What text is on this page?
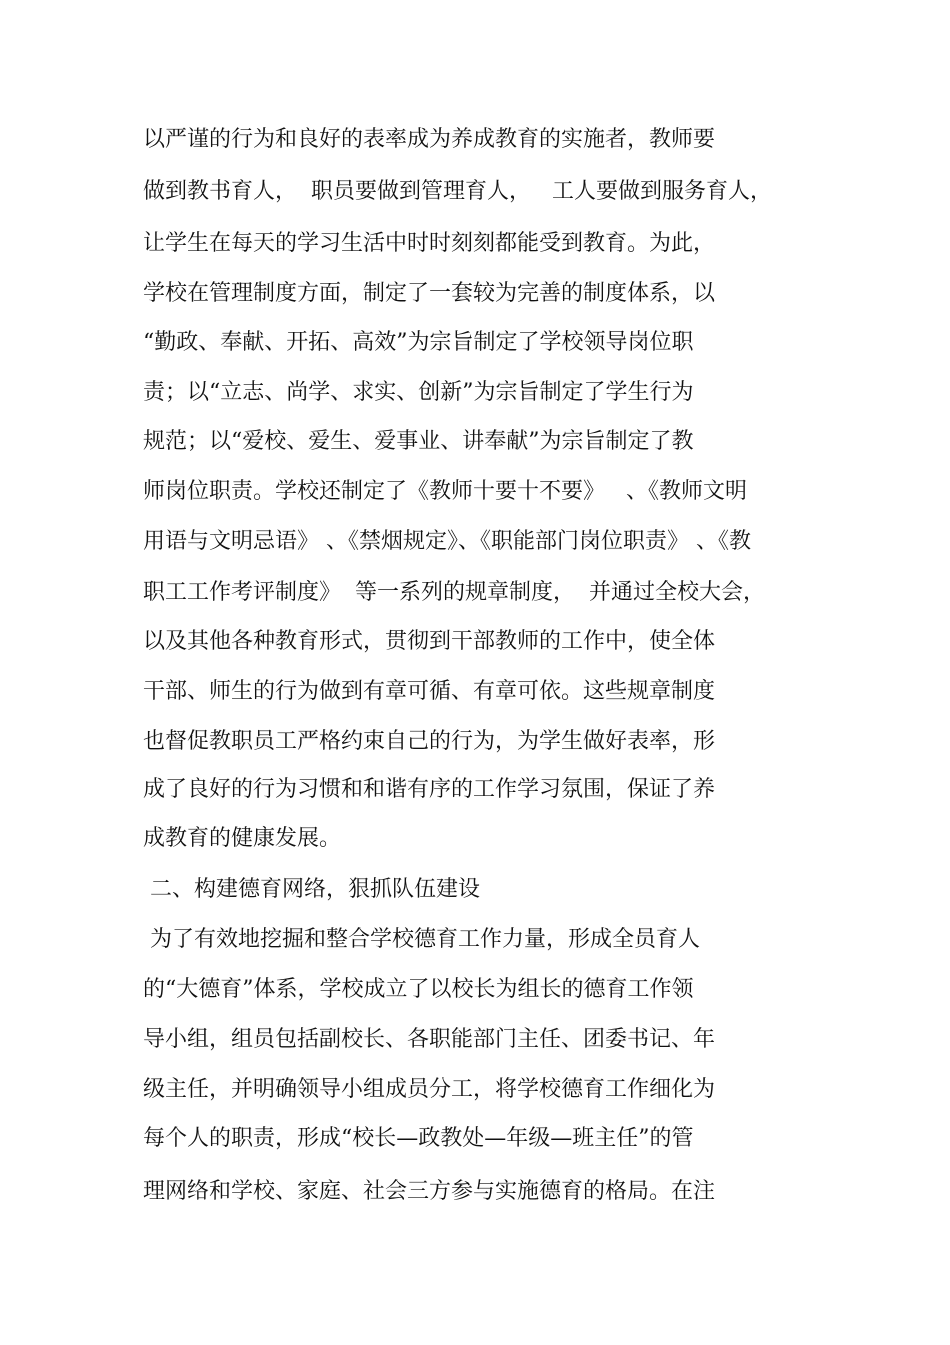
以严谨的行为和良好的表率成为养成教育的实施者，教师要
做到教书育人，  职员要做到管理育人，   工人要做到服务育人，
让学生在每天的学习生活中时时刻刻都能受到教育。为此，
学校在管理制度方面，制定了一套较为完善的制度体系，以
“勤政、奉献、开拓、高效”为宗旨制定了学校领导岗位职
责；以“立志、尚学、求实、创新”为宗旨制定了学生行为
规范；以“爱校、爱生、爱事业、讲奉献”为宗旨制定了教
师岗位职责。学校还制定了《教师十要十不要》   、《教师文明
用语与文明忌语》 、《禁烟规定》、《职能部门岗位职责》 、《教
职工工作考评制度》  等一系列的规章制度，  并通过全校大会，
以及其他各种教育形式，贯彻到干部教师的工作中，使全体
干部、师生的行为做到有章可循、有章可依。这些规章制度
也督促教职员工严格约束自己的行为，为学生做好表率，形
成了良好的行为习惯和和谐有序的工作学习氛围，保证了养
成教育的健康发展。
二、构建德育网络，狠抓队伍建设
为了有效地挖掘和整合学校德育工作力量，形成全员育人
的“大德育”体系，学校成立了以校长为组长的德育工作领
导小组，组员包括副校长、各职能部门主任、团委书记、年
级主任，并明确领导小组成员分工，将学校德育工作细化为
每个人的职责，形成“校长—政教处—年级—班主任”的管
理网络和学校、家庭、社会三方参与实施德育的格局。在注
